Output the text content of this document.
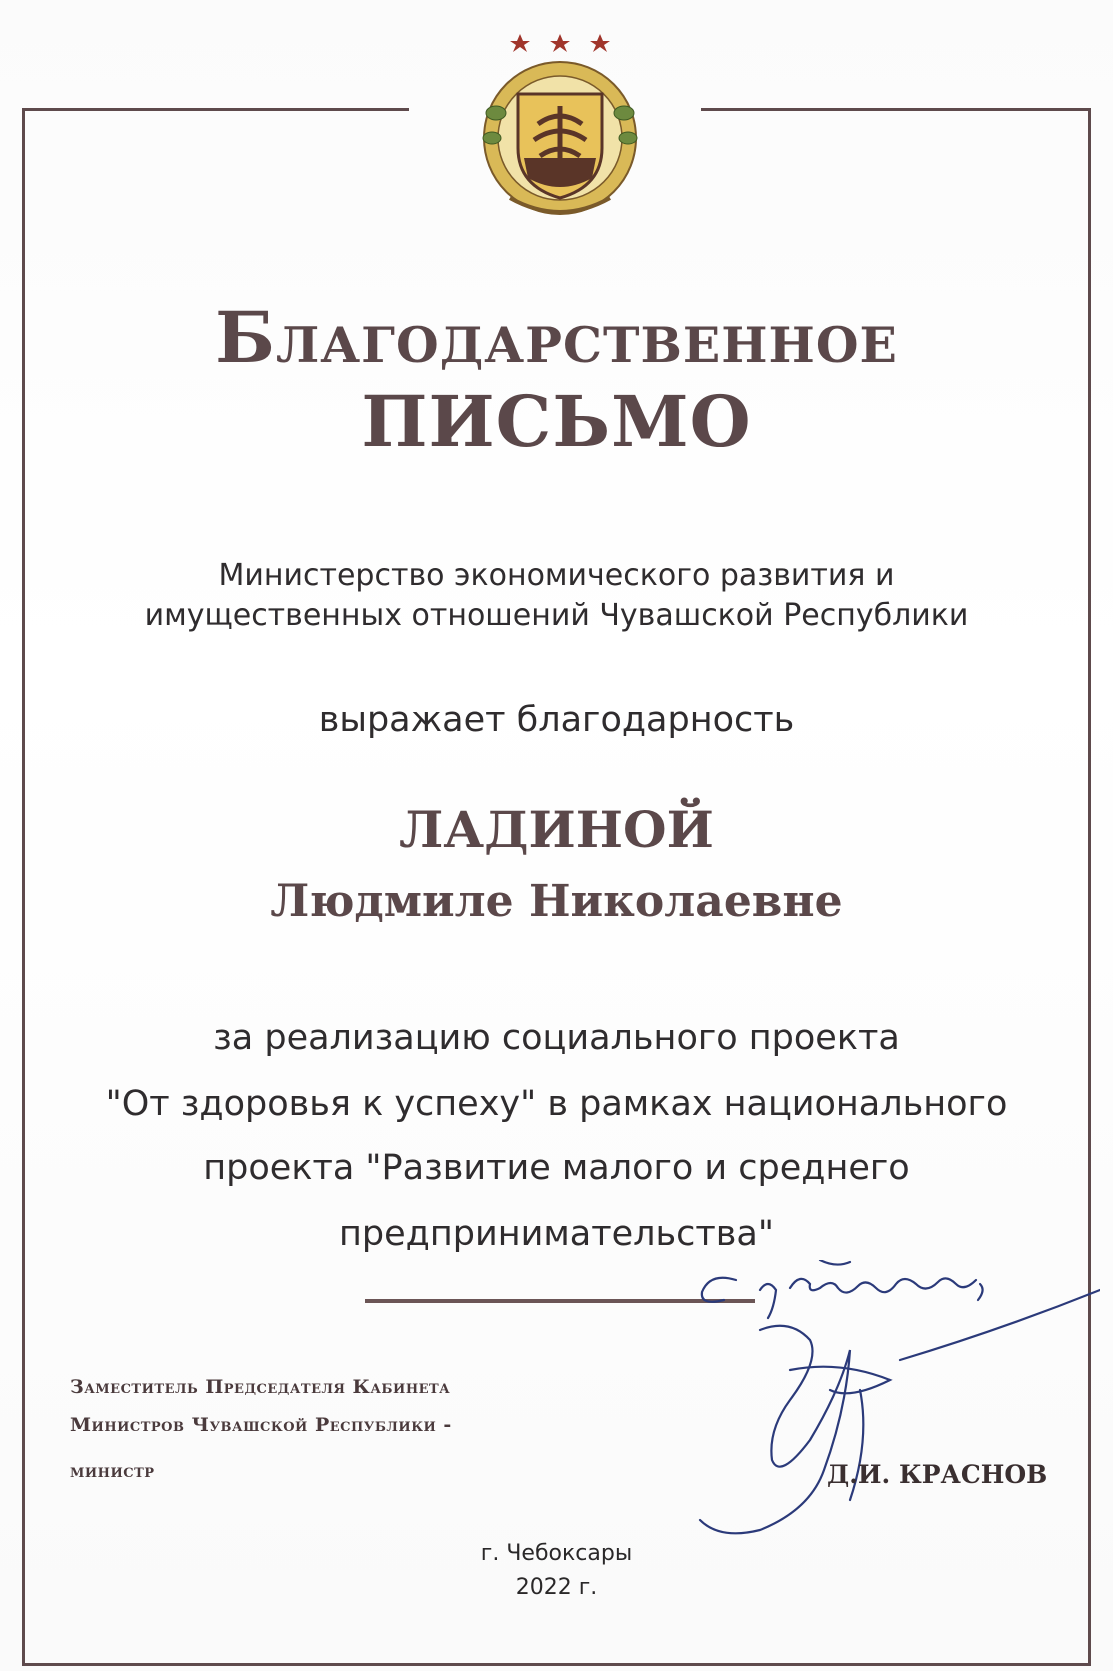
Благодарственное
ПИСЬМО
Министерство экономического развития и
имущественных отношений Чувашской Республики
выражает благодарность
ЛАДИНОЙ
Людмиле Николаевне
за реализацию социального проекта
"От здоровья к успеху" в рамках национального
проекта "Развитие малого и среднего
предпринимательства"
Заместитель Председателя Кабинета
Министров Чувашской Республики -
министр	Д.И. КРАСНОВ
г. Чебоксары
2022 г.
